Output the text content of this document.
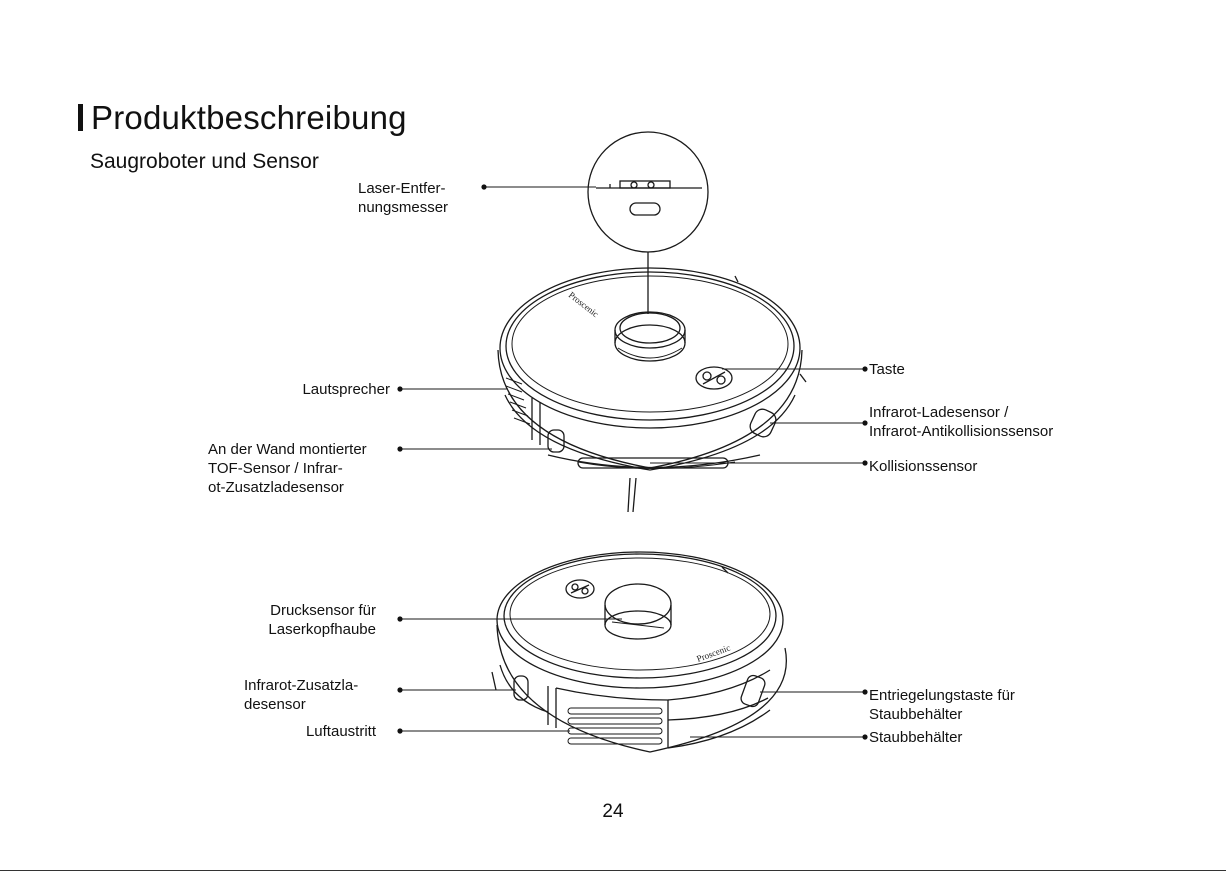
Produktbeschreibung
Saugroboter und Sensor
Proscenic
Proscenic
Laser-Entfer-
nungsmesser
Lautsprecher
An der Wand montierter
TOF-Sensor / Infrar-
ot-Zusatzladesensor
Taste
Infrarot-Ladesensor /
Infrarot-Antikollisionssensor
Kollisionssensor
Drucksensor für
Laserkopfhaube
Infrarot-Zusatzla-
desensor
Luftaustritt
Entriegelungstaste für
Staubbehälter
Staubbehälter
24
